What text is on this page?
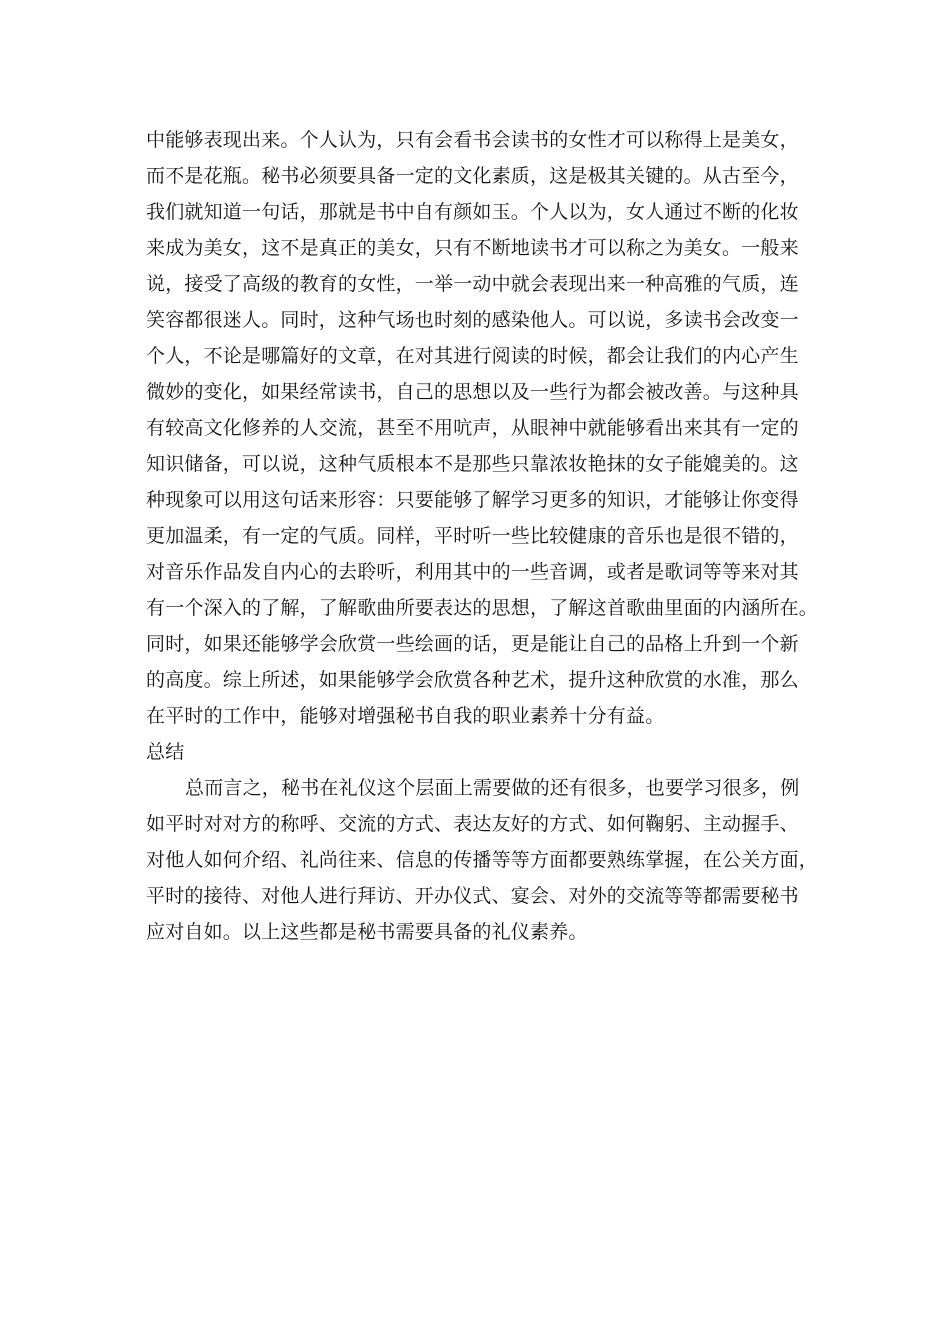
中能够表现出来。个人认为，只有会看书会读书的女性才可以称得上是美女，
而不是花瓶。秘书必须要具备一定的文化素质，这是极其关键的。从古至今，
我们就知道一句话，那就是书中自有颜如玉。个人以为，女人通过不断的化妆
来成为美女，这不是真正的美女，只有不断地读书才可以称之为美女。一般来
说，接受了高级的教育的女性，一举一动中就会表现出来一种高雅的气质，连
笑容都很迷人。同时，这种气场也时刻的感染他人。可以说，多读书会改变一
个人，不论是哪篇好的文章，在对其进行阅读的时候，都会让我们的内心产生
微妙的变化，如果经常读书，自己的思想以及一些行为都会被改善。与这种具
有较高文化修养的人交流，甚至不用吭声，从眼神中就能够看出来其有一定的
知识储备，可以说，这种气质根本不是那些只靠浓妆艳抹的女子能媲美的。这
种现象可以用这句话来形容：只要能够了解学习更多的知识，才能够让你变得
更加温柔，有一定的气质。同样，平时听一些比较健康的音乐也是很不错的，
对音乐作品发自内心的去聆听，利用其中的一些音调，或者是歌词等等来对其
有一个深入的了解，了解歌曲所要表达的思想，了解这首歌曲里面的内涵所在。
同时，如果还能够学会欣赏一些绘画的话，更是能让自己的品格上升到一个新
的高度。综上所述，如果能够学会欣赏各种艺术，提升这种欣赏的水准，那么
在平时的工作中，能够对增强秘书自我的职业素养十分有益。
总结
总而言之，秘书在礼仪这个层面上需要做的还有很多，也要学习很多，例
如平时对对方的称呼、交流的方式、表达友好的方式、如何鞠躬、主动握手、
对他人如何介绍、礼尚往来、信息的传播等等方面都要熟练掌握，在公关方面，
平时的接待、对他人进行拜访、开办仪式、宴会、对外的交流等等都需要秘书
应对自如。以上这些都是秘书需要具备的礼仪素养。
